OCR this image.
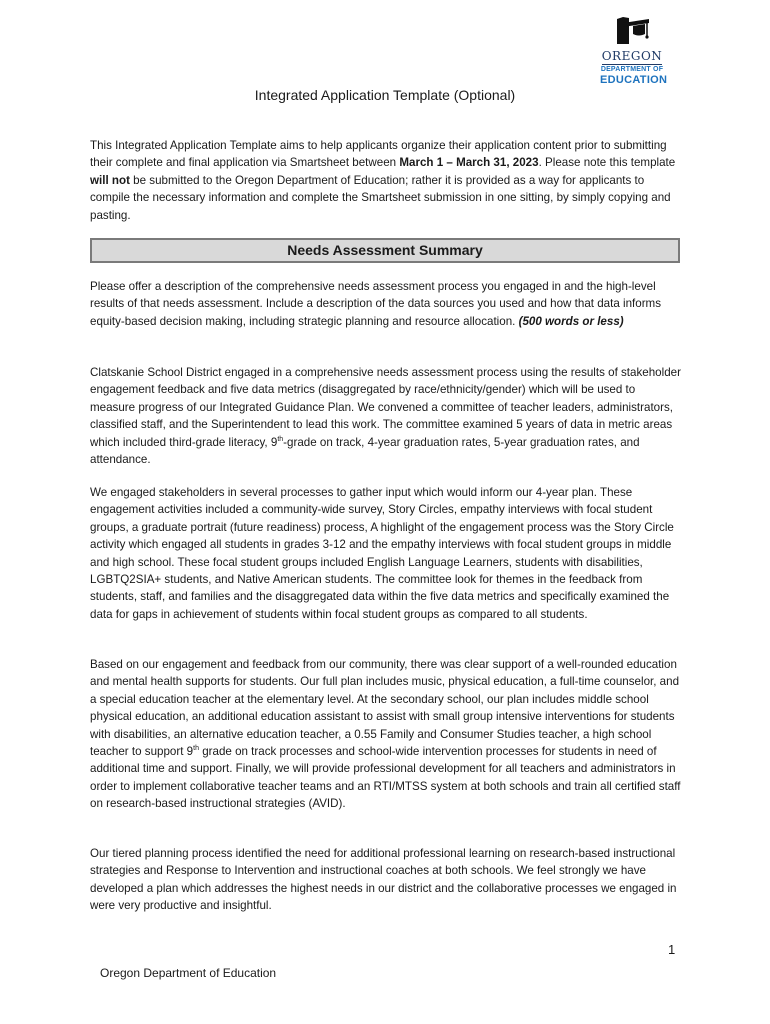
OREGON
DEPARTMENT OF
EDUCATION
Integrated Application Template (Optional)

This Integrated Application Template aims to help applicants organize their application content prior to submitting their complete and final application via Smartsheet between March 1 – March 31, 2023. Please note this template will not be submitted to the Oregon Department of Education; rather it is provided as a way for applicants to compile the necessary information and complete the Smartsheet submission in one sitting, by simply copying and pasting.

Needs Assessment Summary

Please offer a description of the comprehensive needs assessment process you engaged in and the high-level results of that needs assessment. Include a description of the data sources you used and how that data informs equity-based decision making, including strategic planning and resource allocation. (500 words or less)

Clatskanie School District engaged in a comprehensive needs assessment process using the results of stakeholder engagement feedback and five data metrics (disaggregated by race/ethnicity/gender) which will be used to measure progress of our Integrated Guidance Plan. We convened a committee of teacher leaders, administrators, classified staff, and the Superintendent to lead this work. The committee examined 5 years of data in metric areas which included third-grade literacy, 9th-grade on track, 4-year graduation rates, 5-year graduation rates, and attendance.

We engaged stakeholders in several processes to gather input which would inform our 4-year plan. These engagement activities included a community-wide survey, Story Circles, empathy interviews with focal student groups, a graduate portrait (future readiness) process, A highlight of the engagement process was the Story Circle activity which engaged all students in grades 3-12 and the empathy interviews with focal student groups in middle and high school. These focal student groups included English Language Learners, students with disabilities, LGBTQ2SIA+ students, and Native American students. The committee look for themes in the feedback from students, staff, and families and the disaggregated data within the five data metrics and specifically examined the data for gaps in achievement of students within focal student groups as compared to all students.

Based on our engagement and feedback from our community, there was clear support of a well-rounded education and mental health supports for students. Our full plan includes music, physical education, a full-time counselor, and a special education teacher at the elementary level. At the secondary school, our plan includes middle school physical education, an additional education assistant to assist with small group intensive interventions for students with disabilities, an alternative education teacher, a 0.55 Family and Consumer Studies teacher, a high school teacher to support 9th grade on track processes and school-wide intervention processes for students in need of additional time and support. Finally, we will provide professional development for all teachers and administrators in order to implement collaborative teacher teams and an RTI/MTSS system at both schools and train all certified staff on research-based instructional strategies (AVID).

Our tiered planning process identified the need for additional professional learning on research-based instructional strategies and Response to Intervention and instructional coaches at both schools. We feel strongly we have developed a plan which addresses the highest needs in our district and the collaborative processes we engaged in were very productive and insightful.

1
Oregon Department of Education
